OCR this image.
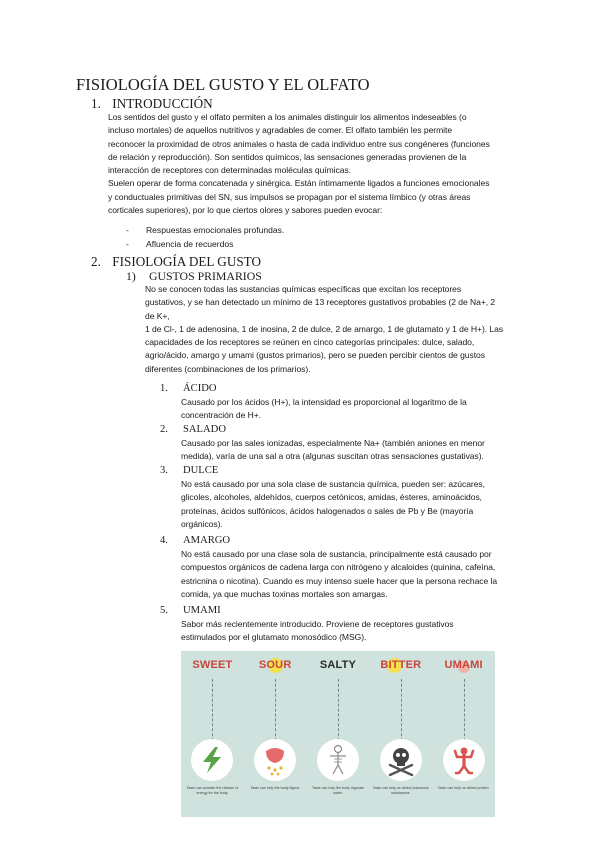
FISIOLOGÍA DEL GUSTO Y EL OLFATO
1. INTRODUCCIÓN
Los sentidos del gusto y el olfato permiten a los animales distinguir los alimentos indeseables (o
incluso mortales) de aquellos nutritivos y agradables de comer. El olfato también les permite
reconocer la proximidad de otros animales o hasta de cada individuo entre sus congéneres (funciones
de relación y reproducción). Son sentidos químicos, las sensaciones generadas provienen de la
interacción de receptores con determinadas moléculas químicas.
Suelen operar de forma concatenada y sinérgica. Están íntimamente ligados a funciones emocionales
y conductuales primitivas del SN, sus impulsos se propagan por el sistema límbico (y otras áreas
corticales superiores), por lo que ciertos olores y sabores pueden evocar:
- Respuestas emocionales profundas.
- Afluencia de recuerdos
2. FISIOLOGÍA DEL GUSTO
1) GUSTOS PRIMARIOS
No se conocen todas las sustancias químicas específicas que excitan los receptores
gustativos, y se han detectado un mínimo de 13 receptores gustativos probables (2 de Na+, 2
de K+,
1 de Cl-, 1 de adenosina, 1 de inosina, 2 de dulce, 2 de amargo, 1 de glutamato y 1 de H+). Las
capacidades de los receptores se reúnen en cinco categorías principales: dulce, salado,
agrio/ácido, amargo y umami (gustos primarios), pero se pueden percibir cientos de gustos
diferentes (combinaciones de los primarios).
1. ÁCIDO
Causado por los ácidos (H+), la intensidad es proporcional al logaritmo de la
concentración de H+.
2. SALADO
Causado por las sales ionizadas, especialmente Na+ (también aniones en menor
medida), varía de una sal a otra (algunas suscitan otras sensaciones gustativas).
3. DULCE
No está causado por una sola clase de sustancia química, pueden ser: azúcares,
glicoles, alcoholes, aldehídos, cuerpos cetónicos, amidas, ésteres, aminoácidos,
proteínas, ácidos sulfónicos, ácidos halogenados o sales de Pb y Be (mayoría
orgánicos).
4. AMARGO
No está causado por una clase sola de sustancia, principalmente está causado por
compuestos orgánicos de cadena larga con nitrógeno y alcaloides (quinina, cafeína,
estricnina o nicotina). Cuando es muy intenso suele hacer que la persona rechace la
comida, ya que muchas toxinas mortales son amargas.
5. UMAMI
Sabor más recientemente introducido. Proviene de receptores gustativos
estimulados por el glutamato monosódico (MSG).
SWEET
Taste can activate the release of energy for the body.
SOUR
Taste can help the body digest.
SALTY
Taste can help the body regulate water.
BITTER
Taste can help us detect poisonous substances.
UMAMI
Taste can help us detect protein.
